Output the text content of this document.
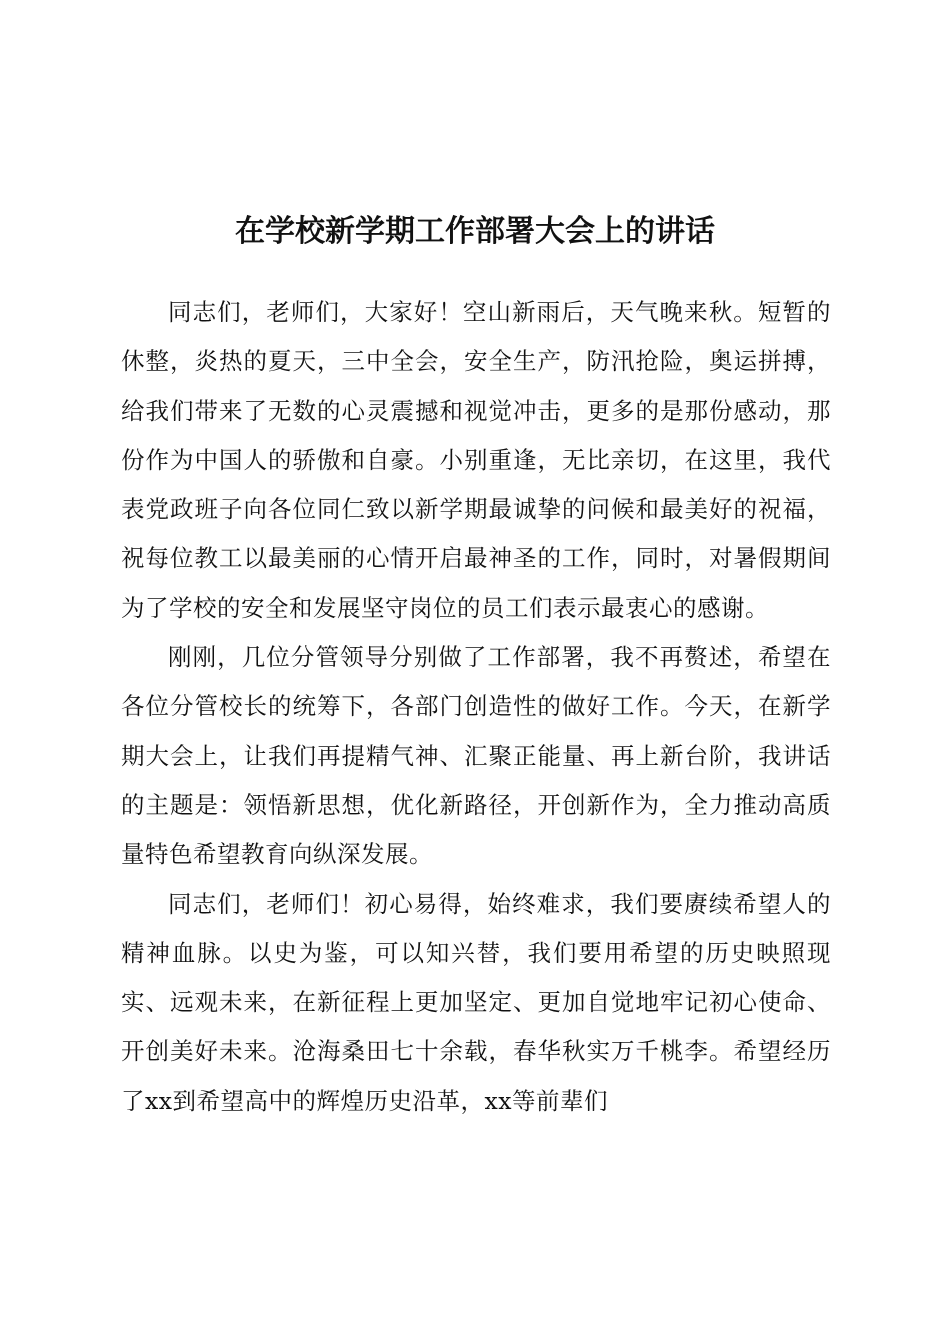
在学校新学期工作部署大会上的讲话

同志们，老师们，大家好！空山新雨后，天气晚来秋。短暂的休整，炎热的夏天，三中全会，安全生产，防汛抢险，奥运拼搏，给我们带来了无数的心灵震撼和视觉冲击，更多的是那份感动，那份作为中国人的骄傲和自豪。小别重逢，无比亲切，在这里，我代表党政班子向各位同仁致以新学期最诚挚的问候和最美好的祝福，祝每位教工以最美丽的心情开启最神圣的工作，同时，对暑假期间为了学校的安全和发展坚守岗位的员工们表示最衷心的感谢。

刚刚，几位分管领导分别做了工作部署，我不再赘述，希望在各位分管校长的统筹下，各部门创造性的做好工作。今天，在新学期大会上，让我们再提精气神、汇聚正能量、再上新台阶，我讲话的主题是：领悟新思想，优化新路径，开创新作为，全力推动高质量特色希望教育向纵深发展。

同志们，老师们！初心易得，始终难求，我们要赓续希望人的精神血脉。以史为鉴，可以知兴替，我们要用希望的历史映照现实、远观未来，在新征程上更加坚定、更加自觉地牢记初心使命、开创美好未来。沧海桑田七十余载，春华秋实万千桃李。希望经历了xx到希望高中的辉煌历史沿革，xx等前辈们
